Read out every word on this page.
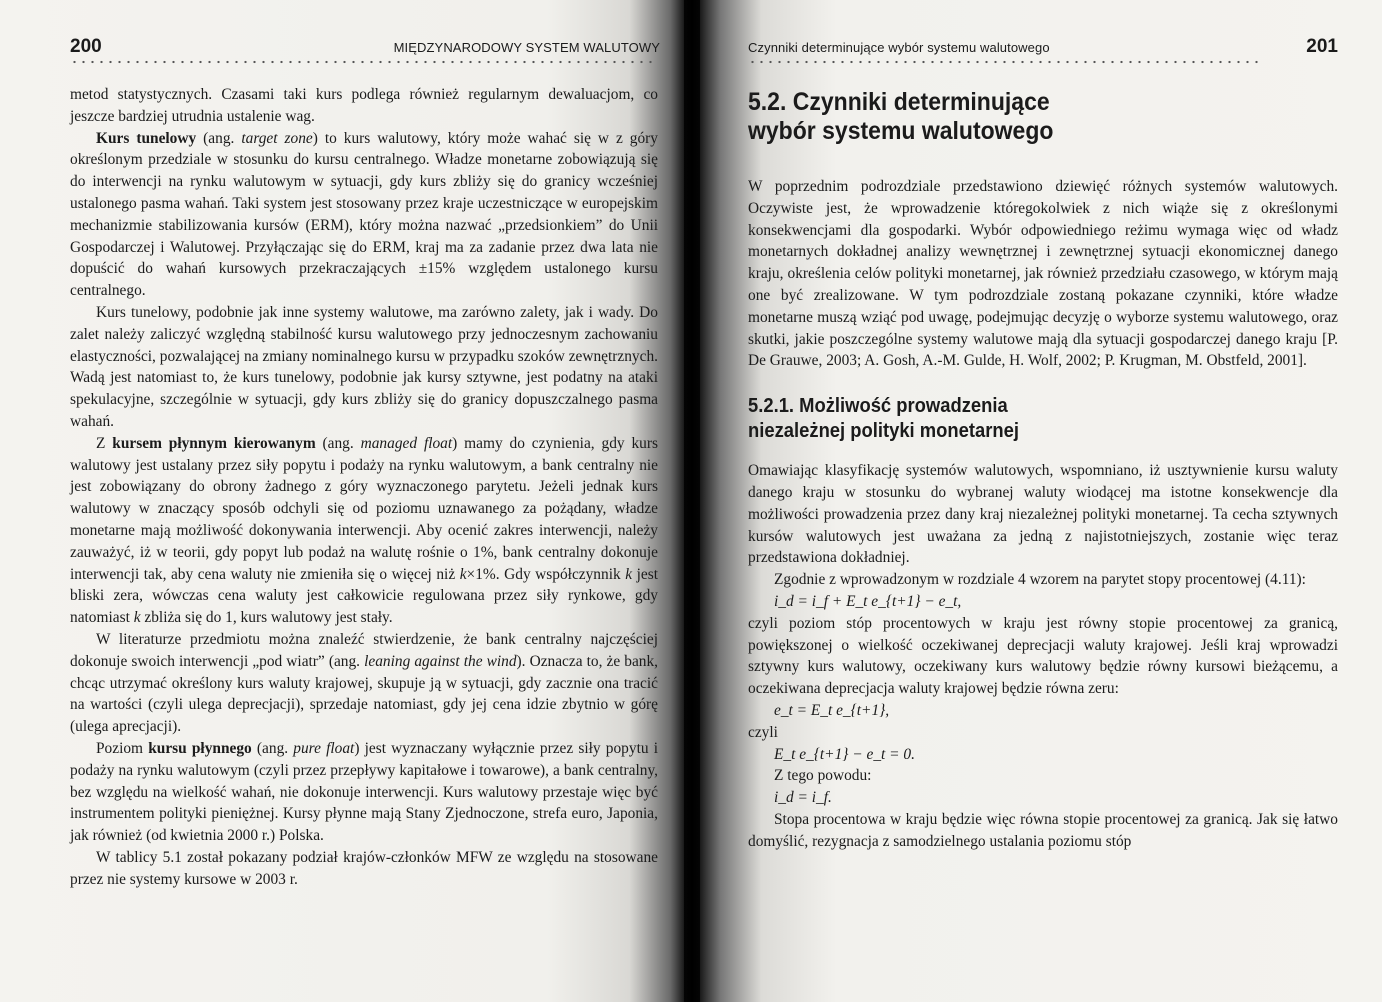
200	MIĘDZYNARODOWY SYSTEM WALUTOWY

metod statystycznych. Czasami taki kurs podlega również regularnym dewaluacjom, co jeszcze bardziej utrudnia ustalenie wag.

Kurs tunelowy (ang. target zone) to kurs walutowy, który może wahać się w z góry określonym przedziale w stosunku do kursu centralnego. Władze monetarne zobowiązują się do interwencji na rynku walutowym w sytuacji, gdy kurs zbliży się do granicy wcześniej ustalonego pasma wahań. Taki system jest stosowany przez kraje uczestniczące w europejskim mechanizmie stabilizowania kursów (ERM), który można nazwać „przedsionkiem” do Unii Gospodarczej i Walutowej. Przyłączając się do ERM, kraj ma za zadanie przez dwa lata nie dopuścić do wahań kursowych przekraczających ±15% względem ustalonego kursu centralnego.

Kurs tunelowy, podobnie jak inne systemy walutowe, ma zarówno zalety, jak i wady. Do zalet należy zaliczyć względną stabilność kursu walutowego przy jednoczesnym zachowaniu elastyczności, pozwalającej na zmiany nominalnego kursu w przypadku szoków zewnętrznych. Wadą jest natomiast to, że kurs tunelowy, podobnie jak kursy sztywne, jest podatny na ataki spekulacyjne, szczególnie w sytuacji, gdy kurs zbliży się do granicy dopuszczalnego pasma wahań.

Z kursem płynnym kierowanym (ang. managed float) mamy do czynienia, gdy kurs walutowy jest ustalany przez siły popytu i podaży na rynku walutowym, a bank centralny nie jest zobowiązany do obrony żadnego z góry wyznaczonego parytetu. Jeżeli jednak kurs walutowy w znaczący sposób odchyli się od poziomu uznawanego za pożądany, władze monetarne mają możliwość dokonywania interwencji. Aby ocenić zakres interwencji, należy zauważyć, iż w teorii, gdy popyt lub podaż na walutę rośnie o 1%, bank centralny dokonuje interwencji tak, aby cena waluty nie zmieniła się o więcej niż k×1%. Gdy współczynnik k jest bliski zera, wówczas cena waluty jest całkowicie regulowana przez siły rynkowe, gdy natomiast k zbliża się do 1, kurs walutowy jest stały.

W literaturze przedmiotu można znaleźć stwierdzenie, że bank centralny najczęściej dokonuje swoich interwencji „pod wiatr” (ang. leaning against the wind). Oznacza to, że bank, chcąc utrzymać określony kurs waluty krajowej, skupuje ją w sytuacji, gdy zacznie ona tracić na wartości (czyli ulega deprecjacji), sprzedaje natomiast, gdy jej cena idzie zbytnio w górę (ulega aprecjacji).

Poziom kursu płynnego (ang. pure float) jest wyznaczany wyłącznie przez siły popytu i podaży na rynku walutowym (czyli przez przepływy kapitałowe i towarowe), a bank centralny, bez względu na wielkość wahań, nie dokonuje interwencji. Kurs walutowy przestaje więc być instrumentem polityki pieniężnej. Kursy płynne mają Stany Zjednoczone, strefa euro, Japonia, jak również (od kwietnia 2000 r.) Polska.

W tablicy 5.1 został pokazany podział krajów-członków MFW ze względu na stosowane przez nie systemy kursowe w 2003 r.

Czynniki determinujące wybór systemu walutowego	201
5.2. Czynniki determinujące
wybór systemu walutowego

W poprzednim podrozdziale przedstawiono dziewięć różnych systemów walutowych. Oczywiste jest, że wprowadzenie któregokolwiek z nich wiąże się z określonymi konsekwencjami dla gospodarki. Wybór odpowiedniego reżimu wymaga więc od władz monetarnych dokładnej analizy wewnętrznej i zewnętrznej sytuacji ekonomicznej danego kraju, określenia celów polityki monetarnej, jak również przedziału czasowego, w którym mają one być zrealizowane. W tym podrozdziale zostaną pokazane czynniki, które władze monetarne muszą wziąć pod uwagę, podejmując decyzję o wyborze systemu walutowego, oraz skutki, jakie poszczególne systemy walutowe mają dla sytuacji gospodarczej danego kraju [P. De Grauwe, 2003; A. Gosh, A.-M. Gulde, H. Wolf, 2002; P. Krugman, M. Obstfeld, 2001].

5.2.1. Możliwość prowadzenia
niezależnej polityki monetarnej

Omawiając klasyfikację systemów walutowych, wspomniano, iż usztywnienie kursu waluty danego kraju w stosunku do wybranej waluty wiodącej ma istotne konsekwencje dla możliwości prowadzenia przez dany kraj niezależnej polityki monetarnej. Ta cecha sztywnych kursów walutowych jest uważana za jedną z najistotniejszych, zostanie więc teraz przedstawiona dokładniej.

Zgodnie z wprowadzonym w rozdziale 4 wzorem na parytet stopy procentowej (4.11):

i_d = i_f + E_t e_{t+1} − e_t,

czyli poziom stóp procentowych w kraju jest równy stopie procentowej za granicą, powiększonej o wielkość oczekiwanej deprecjacji waluty krajowej. Jeśli kraj wprowadzi sztywny kurs walutowy, oczekiwany kurs walutowy będzie równy kursowi bieżącemu, a oczekiwana deprecjacja waluty krajowej będzie równa zeru:

e_t = E_t e_{t+1},

czyli

E_t e_{t+1} − e_t = 0.

Z tego powodu:

i_d = i_f.

Stopa procentowa w kraju będzie więc równa stopie procentowej za granicą. Jak się łatwo domyślić, rezygnacja z samodzielnego ustalania poziomu stóp
